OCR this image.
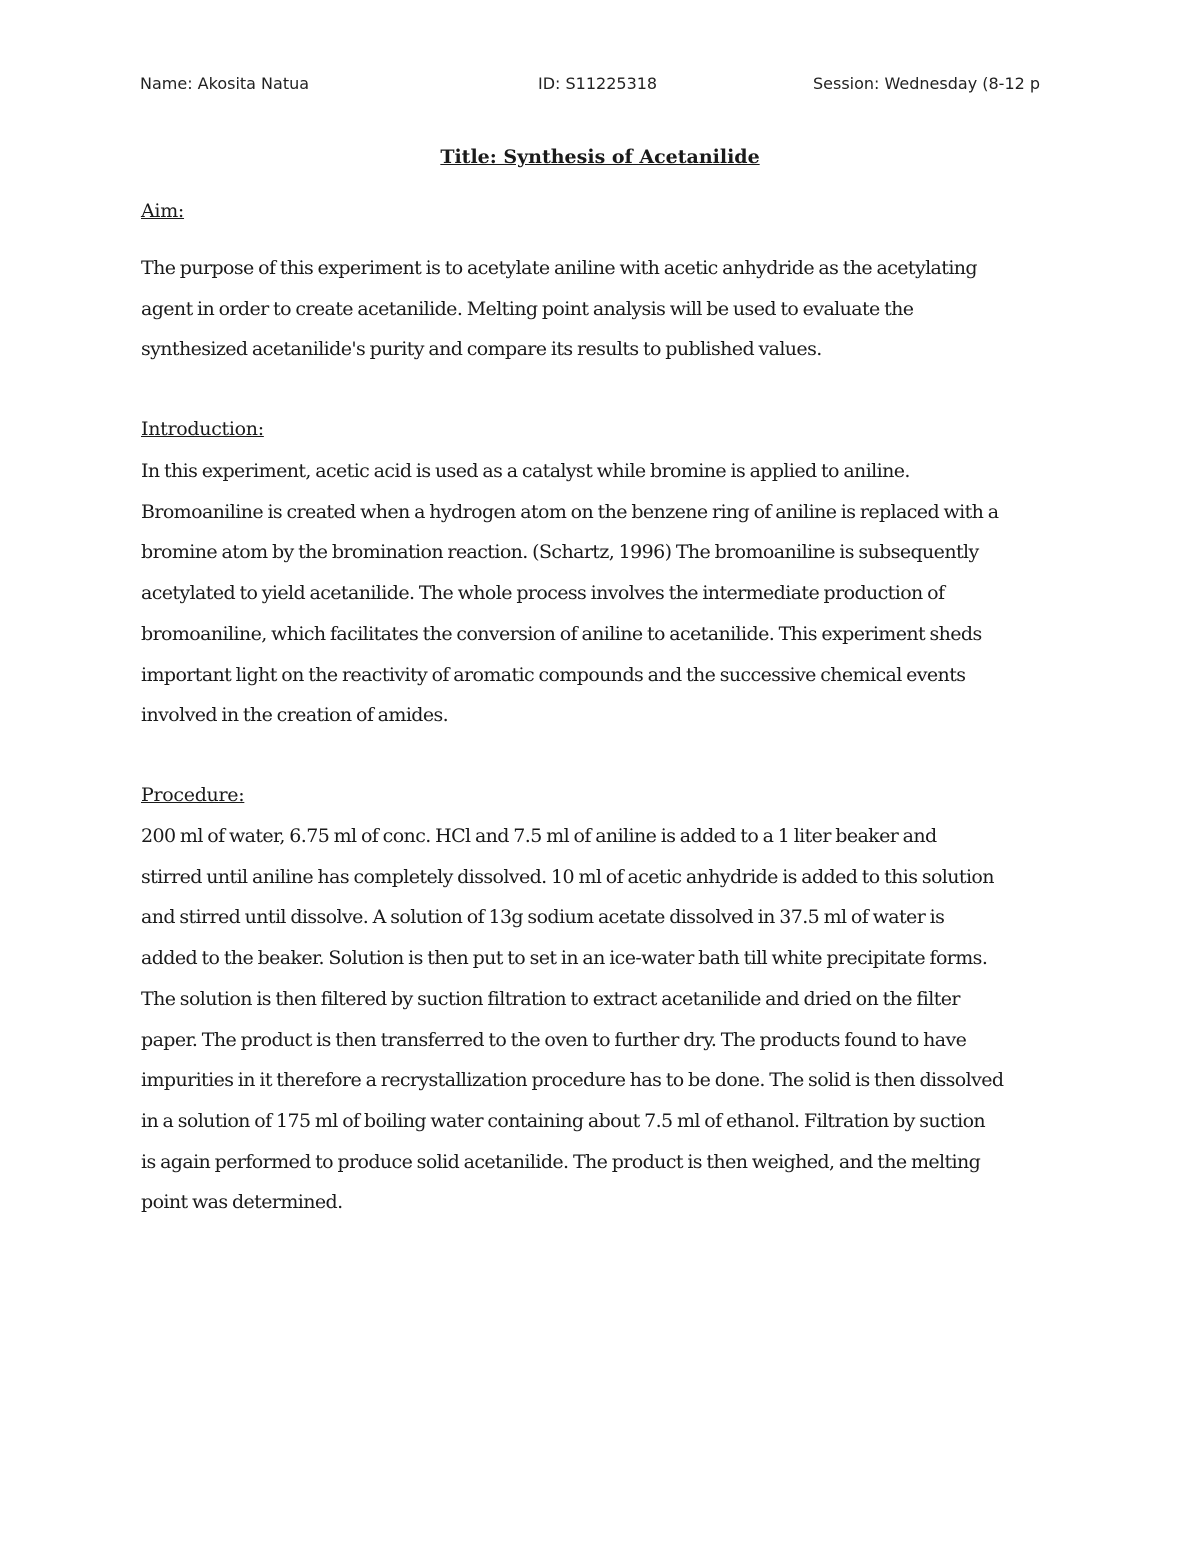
Name: Akosita Natua	ID: S11225318	Session: Wednesday (8-12 p
Title: Synthesis of Acetanilide
Aim:
The purpose of this experiment is to acetylate aniline with acetic anhydride as the acetylating
agent in order to create acetanilide. Melting point analysis will be used to evaluate the
synthesized acetanilide's purity and compare its results to published values.
Introduction:
In this experiment, acetic acid is used as a catalyst while bromine is applied to aniline.
Bromoaniline is created when a hydrogen atom on the benzene ring of aniline is replaced with a
bromine atom by the bromination reaction. (Schartz, 1996) The bromoaniline is subsequently
acetylated to yield acetanilide. The whole process involves the intermediate production of
bromoaniline, which facilitates the conversion of aniline to acetanilide. This experiment sheds
important light on the reactivity of aromatic compounds and the successive chemical events
involved in the creation of amides.
Procedure:
200 ml of water, 6.75 ml of conc. HCl and 7.5 ml of aniline is added to a 1 liter beaker and
stirred until aniline has completely dissolved. 10 ml of acetic anhydride is added to this solution
and stirred until dissolve. A solution of 13g sodium acetate dissolved in 37.5 ml of water is
added to the beaker. Solution is then put to set in an ice-water bath till white precipitate forms.
The solution is then filtered by suction filtration to extract acetanilide and dried on the filter
paper. The product is then transferred to the oven to further dry. The products found to have
impurities in it therefore a recrystallization procedure has to be done. The solid is then dissolved
in a solution of 175 ml of boiling water containing about 7.5 ml of ethanol. Filtration by suction
is again performed to produce solid acetanilide. The product is then weighed, and the melting
point was determined.
